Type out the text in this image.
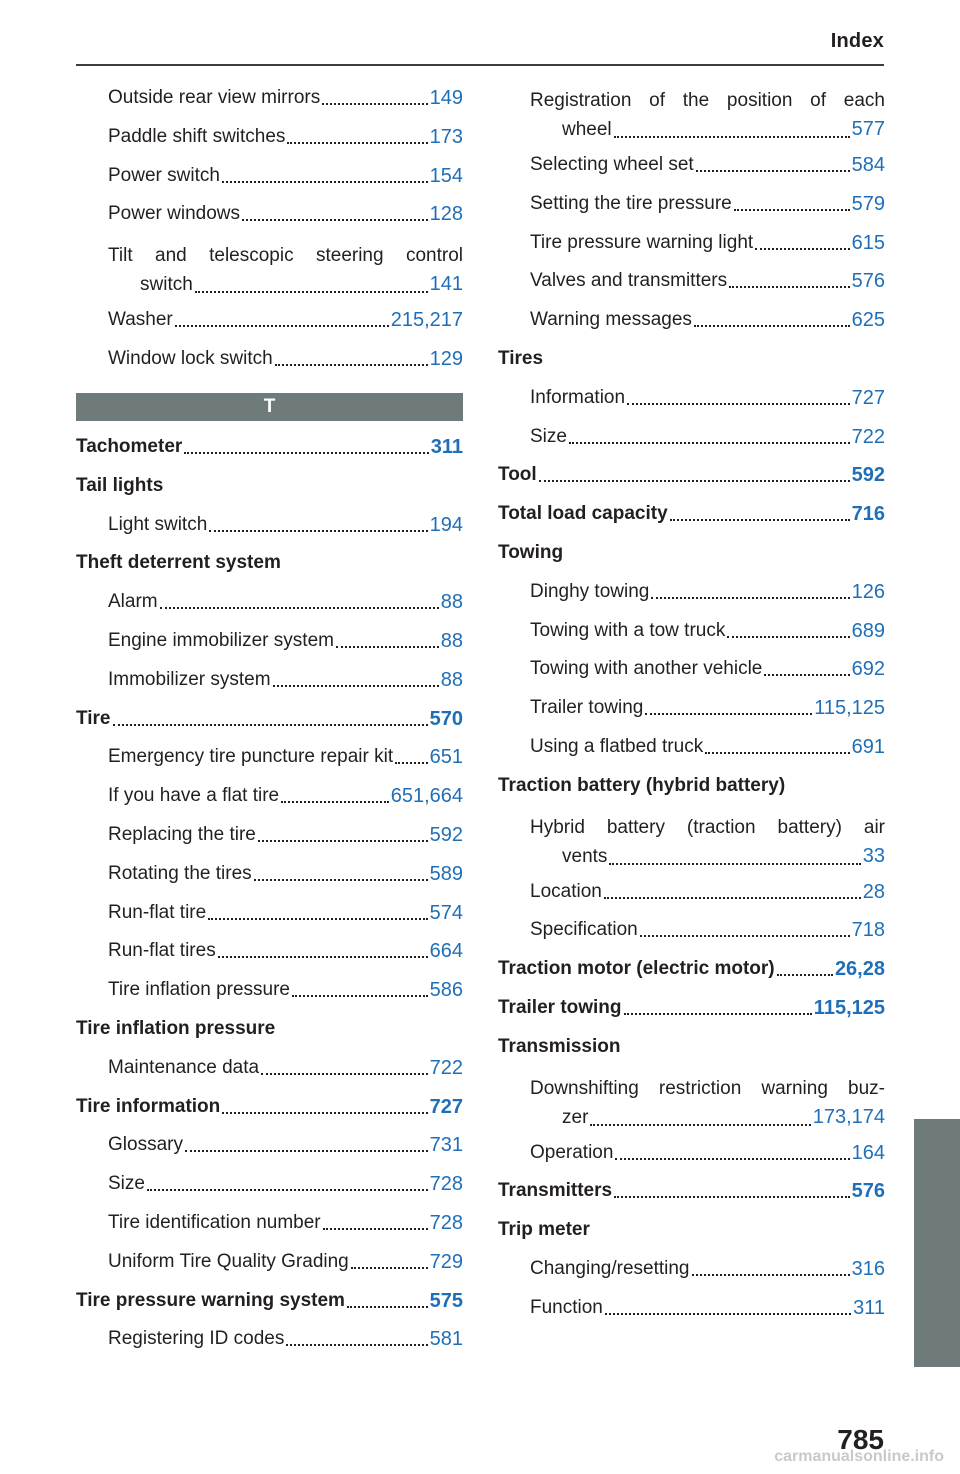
Index
Outside rear view mirrors	149
Paddle shift switches	173
Power switch	154
Power windows	128
Tilt and telescopic steering control
switch	141
Washer	215,217
Window lock switch	129
T
Tachometer	311
Tail lights
Light switch	194
Theft deterrent system
Alarm	88
Engine immobilizer system	88
Immobilizer system	88
Tire	570
Emergency tire puncture repair kit 651
If you have a flat tire	651,664
Replacing the tire	592
Rotating the tires	589
Run-flat tire	574
Run-flat tires	664
Tire inflation pressure	586
Tire inflation pressure
Maintenance data	722
Tire information	727
Glossary	731
Size	728
Tire identification number	728
Uniform Tire Quality Grading	729
Tire pressure warning system	575
Registering ID codes	581
Registration of the position of each
wheel	577
Selecting wheel set	584
Setting the tire pressure	579
Tire pressure warning light	615
Valves and transmitters	576
Warning messages	625
Tires
Information	727
Size	722
Tool	592
Total load capacity	716
Towing
Dinghy towing	126
Towing with a tow truck	689
Towing with another vehicle	692
Trailer towing	115,125
Using a flatbed truck	691
Traction battery (hybrid battery)
Hybrid battery (traction battery) air
vents	33
Location	28
Specification	718
Traction motor (electric motor)	26,28
Trailer towing	115,125
Transmission
Downshifting restriction warning buz-
zer	173,174
Operation	164
Transmitters	576
Trip meter
Changing/resetting	316
Function	311
785
carmanualsonline.info
